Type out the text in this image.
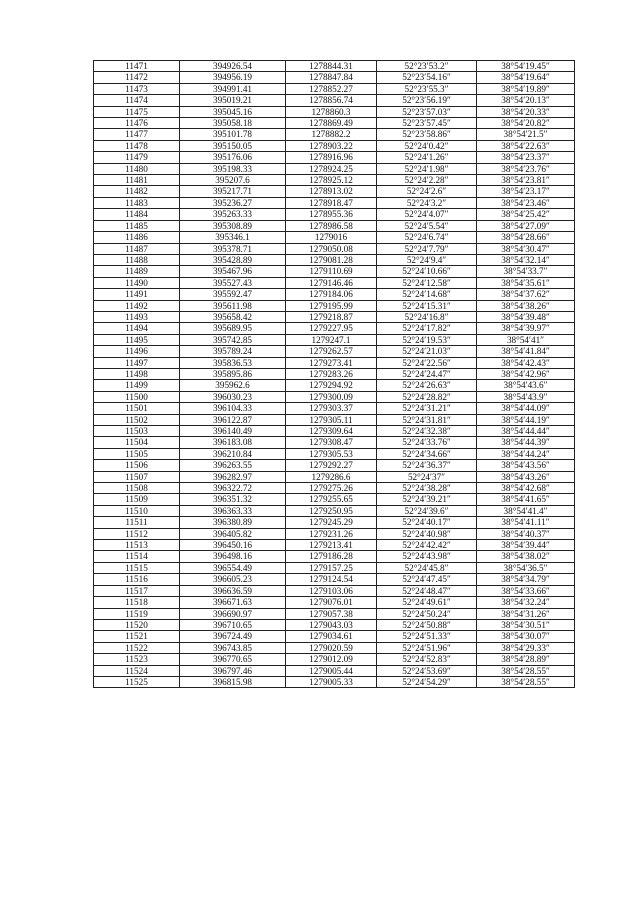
11471	394926.54	1278844.31	52°23′53.2″	38°54′19.45″
11472	394956.19	1278847.84	52°23′54.16″	38°54′19.64″
11473	394991.41	1278852.27	52°23′55.3″	38°54′19.89″
11474	395019.21	1278856.74	52°23′56.19″	38°54′20.13″
11475	395045.16	1278860.3	52°23′57.03″	38°54′20.33″
11476	395058.18	1278869.49	52°23′57.45″	38°54′20.82″
11477	395101.78	1278882.2	52°23′58.86″	38°54′21.5″
11478	395150.05	1278903.22	52°24′0.42″	38°54′22.63″
11479	395176.06	1278916.96	52°24′1.26″	38°54′23.37″
11480	395198.33	1278924.25	52°24′1.98″	38°54′23.76″
11481	395207.6	1278925.12	52°24′2.28″	38°54′23.81″
11482	395217.71	1278913.02	52°24′2.6″	38°54′23.17″
11483	395236.27	1278918.47	52°24′3.2″	38°54′23.46″
11484	395263.33	1278955.36	52°24′4.07″	38°54′25.42″
11485	395308.89	1278986.58	52°24′5.54″	38°54′27.09″
11486	395346.1	1279016	52°24′6.74″	38°54′28.66″
11487	395378.71	1279050.08	52°24′7.79″	38°54′30.47″
11488	395428.89	1279081.28	52°24′9.4″	38°54′32.14″
11489	395467.96	1279110.69	52°24′10.66″	38°54′33.7″
11490	395527.43	1279146.46	52°24′12.58″	38°54′35.61″
11491	395592.47	1279184.06	52°24′14.68″	38°54′37.62″
11492	395611.98	1279195.99	52°24′15.31″	38°54′38.26″
11493	395658.42	1279218.87	52°24′16.8″	38°54′39.48″
11494	395689.95	1279227.95	52°24′17.82″	38°54′39.97″
11495	395742.85	1279247.1	52°24′19.53″	38°54′41″
11496	395789.24	1279262.57	52°24′21.03″	38°54′41.84″
11497	395836.53	1279273.41	52°24′22.56″	38°54′42.43″
11498	395895.86	1279283.26	52°24′24.47″	38°54′42.96″
11499	395962.6	1279294.92	52°24′26.63″	38°54′43.6″
11500	396030.23	1279300.09	52°24′28.82″	38°54′43.9″
11501	396104.33	1279303.37	52°24′31.21″	38°54′44.09″
11502	396122.87	1279305.11	52°24′31.81″	38°54′44.19″
11503	396140.49	1279309.64	52°24′32.38″	38°54′44.44″
11504	396183.08	1279308.47	52°24′33.76″	38°54′44.39″
11505	396210.84	1279305.53	52°24′34.66″	38°54′44.24″
11506	396263.55	1279292.27	52°24′36.37″	38°54′43.56″
11507	396282.97	1279286.6	52°24′37″	38°54′43.26″
11508	396322.72	1279275.26	52°24′38.28″	38°54′42.68″
11509	396351.32	1279255.65	52°24′39.21″	38°54′41.65″
11510	396363.33	1279250.95	52°24′39.6″	38°54′41.4″
11511	396380.89	1279245.29	52°24′40.17″	38°54′41.11″
11512	396405.82	1279231.26	52°24′40.98″	38°54′40.37″
11513	396450.16	1279213.41	52°24′42.42″	38°54′39.44″
11514	396498.16	1279186.28	52°24′43.98″	38°54′38.02″
11515	396554.49	1279157.25	52°24′45.8″	38°54′36.5″
11516	396605.23	1279124.54	52°24′47.45″	38°54′34.79″
11517	396636.59	1279103.06	52°24′48.47″	38°54′33.66″
11518	396671.63	1279076.01	52°24′49.61″	38°54′32.24″
11519	396690.97	1279057.38	52°24′50.24″	38°54′31.26″
11520	396710.65	1279043.03	52°24′50.88″	38°54′30.51″
11521	396724.49	1279034.61	52°24′51.33″	38°54′30.07″
11522	396743.85	1279020.59	52°24′51.96″	38°54′29.33″
11523	396770.65	1279012.09	52°24′52.83″	38°54′28.89″
11524	396797.46	1279005.44	52°24′53.69″	38°54′28.55″
11525	396815.98	1279005.33	52°24′54.29″	38°54′28.55″
